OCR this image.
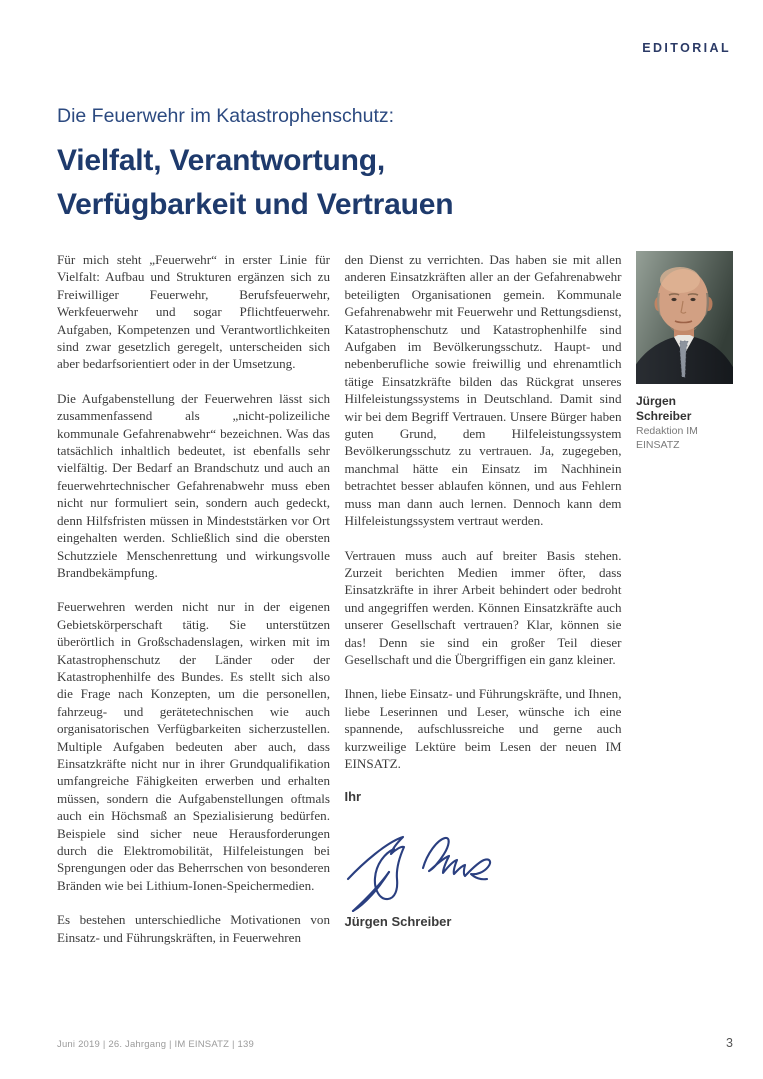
EDITORIAL
Die Feuerwehr im Katastrophenschutz:
Vielfalt, Verantwortung,
Verfügbarkeit und Vertrauen

Für mich steht „Feuerwehr“ in erster Linie für Vielfalt: Aufbau und Strukturen ergänzen sich zu Freiwilliger Feuerwehr, Berufsfeuerwehr, Werkfeuerwehr und sogar Pflichtfeuerwehr. Aufgaben, Kompetenzen und Verantwortlichkeiten sind zwar gesetzlich geregelt, unterscheiden sich aber bedarfsorientiert oder in der Umsetzung.

Die Aufgabenstellung der Feuerwehren lässt sich zusammenfassend als „nicht-polizeiliche kommunale Gefahrenabwehr“ bezeichnen. Was das tatsächlich inhaltlich bedeutet, ist ebenfalls sehr vielfältig. Der Bedarf an Brandschutz und auch an feuerwehrtechnischer Gefahrenabwehr muss eben nicht nur formuliert sein, sondern auch gedeckt, denn Hilfsfristen müssen in Mindeststärken vor Ort eingehalten werden. Schließlich sind die obersten Schutzziele Menschenrettung und wirkungsvolle Brandbekämpfung.

Feuerwehren werden nicht nur in der eigenen Gebietskörperschaft tätig. Sie unterstützen überörtlich in Großschadenslagen, wirken mit im Katastrophenschutz der Länder oder der Katastrophenhilfe des Bundes. Es stellt sich also die Frage nach Konzepten, um die personellen, fahrzeug- und gerätetechnischen wie auch organisatorischen Verfügbarkeiten sicherzustellen. Multiple Aufgaben bedeuten aber auch, dass Einsatzkräfte nicht nur in ihrer Grundqualifikation umfangreiche Fähigkeiten erwerben und erhalten müssen, sondern die Aufgabenstellungen oftmals auch ein Höchsmaß an Spezialisierung bedürfen. Beispiele sind sicher neue Herausforderungen durch die Elektromobilität, Hilfeleistungen bei Sprengungen oder das Beherrschen von besonderen Bränden wie bei Lithium-Ionen-Speichermedien.

Es bestehen unterschiedliche Motivationen von Einsatz- und Führungskräften, in Feuerwehren

den Dienst zu verrichten. Das haben sie mit allen anderen Einsatzkräften aller an der Gefahrenabwehr beteiligten Organisationen gemein. Kommunale Gefahrenabwehr mit Feuerwehr und Rettungsdienst, Katastrophenschutz und Katastrophenhilfe sind Aufgaben im Bevölkerungsschutz. Haupt- und nebenberufliche sowie freiwillig und ehrenamtlich tätige Einsatzkräfte bilden das Rückgrat unseres Hilfeleistungssystems in Deutschland. Damit sind wir bei dem Begriff Vertrauen. Unsere Bürger haben guten Grund, dem Hilfeleistungssystem Bevölkerungsschutz zu vertrauen. Ja, zugegeben, manchmal hätte ein Einsatz im Nachhinein betrachtet besser ablaufen können, und aus Fehlern muss man dann auch lernen. Dennoch kann dem Hilfeleistungssystem vertraut werden.

Vertrauen muss auch auf breiter Basis stehen. Zurzeit berichten Medien immer öfter, dass Einsatzkräfte in ihrer Arbeit behindert oder bedroht und angegriffen werden. Können Einsatzkräfte auch unserer Gesellschaft vertrauen? Klar, können sie das! Denn sie sind ein großer Teil dieser Gesellschaft und die Übergriffigen ein ganz kleiner.

Ihnen, liebe Einsatz- und Führungskräfte, und Ihnen, liebe Leserinnen und Leser, wünsche ich eine spannende, aufschlussreiche und gerne auch kurzweilige Lektüre beim Lesen der neuen IM EINSATZ.

Ihr

Jürgen Schreiber

Jürgen Schreiber
Redaktion IM EINSATZ
Juni 2019 | 26. Jahrgang | IM EINSATZ | 139	3
